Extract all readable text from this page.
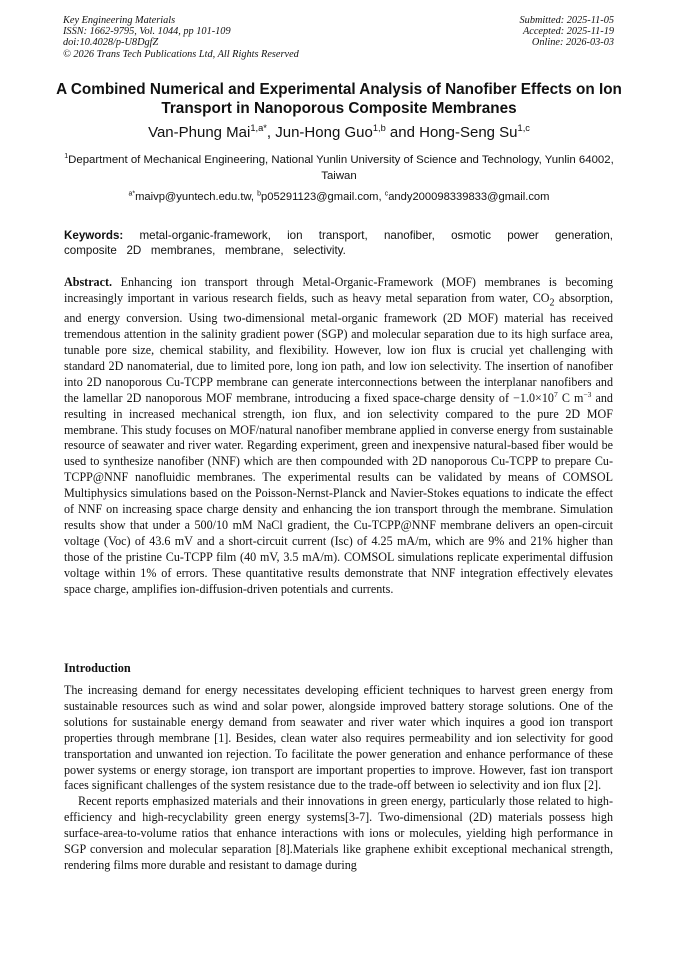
Key Engineering Materials
ISSN: 1662-9795, Vol. 1044, pp 101-109
doi:10.4028/p-U8DgfZ
© 2026 Trans Tech Publications Ltd, All Rights Reserved
Submitted: 2025-11-05
Accepted: 2025-11-19
Online: 2026-03-03
A Combined Numerical and Experimental Analysis of Nanofiber Effects on Ion Transport in Nanoporous Composite Membranes
Van-Phung Mai$^{1,a*}$, Jun-Hong Guo$^{1,b}$ and Hong-Seng Su$^{1,c}$
$^1$Department of Mechanical Engineering, National Yunlin University of Science and Technology, Yunlin 64002, Taiwan
$^{a*}$maivp@yuntech.edu.tw, $^b$p05291123@gmail.com, $^c$andy200098339833@gmail.com
Keywords: metal-organic-framework, ion transport, nanofiber, osmotic power generation, composite 2D membranes, membrane, selectivity.
Abstract. Enhancing ion transport through Metal-Organic-Framework (MOF) membranes is becoming increasingly important in various research fields, such as heavy metal separation from water, $CO_2$ absorption, and energy conversion. Using two-dimensional metal-organic framework (2D MOF) material has received tremendous attention in the salinity gradient power (SGP) and molecular separation due to its high surface area, tunable pore size, chemical stability, and flexibility. However, low ion flux is crucial yet challenging with standard 2D nanomaterial, due to limited pore, long ion path, and low ion selectivity. The insertion of nanofiber into 2D nanoporous Cu-TCPP membrane can generate interconnections between the interplanar nanofibers and the lamellar 2D nanoporous MOF membrane, introducing a fixed space-charge density of $-1.0\times 10^7$ C $m^{-3}$ and resulting in increased mechanical strength, ion flux, and ion selectivity compared to the pure 2D MOF membrane. This study focuses on MOF/natural nanofiber membrane applied in converse energy from sustainable resource of seawater and river water. Regarding experiment, green and inexpensive natural-based fiber would be used to synthesize nanofiber (NNF) which are then compounded with 2D nanoporous Cu-TCPP to prepare Cu-TCPP@NNF nanofluidic membranes. The experimental results can be validated by means of COMSOL Multiphysics simulations based on the Poisson-Nernst-Planck and Navier-Stokes equations to indicate the effect of NNF on increasing space charge density and enhancing the ion transport through the membrane. Simulation results show that under a 500/10 mM NaCl gradient, the Cu-TCPP@NNF membrane delivers an open-circuit voltage (Voc) of 43.6 mV and a short-circuit current (Isc) of 4.25 mA/m, which are 9% and 21% higher than those of the pristine Cu-TCPP film (40 mV, 3.5 mA/m). COMSOL simulations replicate experimental diffusion voltage within 1% of errors. These quantitative results demonstrate that NNF integration effectively elevates space charge, amplifies ion-diffusion-driven potentials and currents.
Introduction

The increasing demand for energy necessitates developing efficient techniques to harvest green energy from sustainable resources such as wind and solar power, alongside improved battery storage solutions. One of the solutions for sustainable energy demand from seawater and river water which inquires a good ion transport properties through membrane [1]. Besides, clean water also requires permeability and ion selectivity for good transportation and unwanted ion rejection. To facilitate the power generation and enhance performance of these power systems or energy storage, ion transport are important properties to improve. However, fast ion transport faces significant challenges of the system resistance due to the trade-off between io selectivity and ion flux [2].

Recent reports emphasized materials and their innovations in green energy, particularly those related to high-efficiency and high-recyclability green energy systems[3-7]. Two-dimensional (2D) materials possess high surface-area-to-volume ratios that enhance interactions with ions or molecules, yielding high performance in SGP conversion and molecular separation [8].Materials like graphene exhibit exceptional mechanical strength, rendering films more durable and resistant to damage during
